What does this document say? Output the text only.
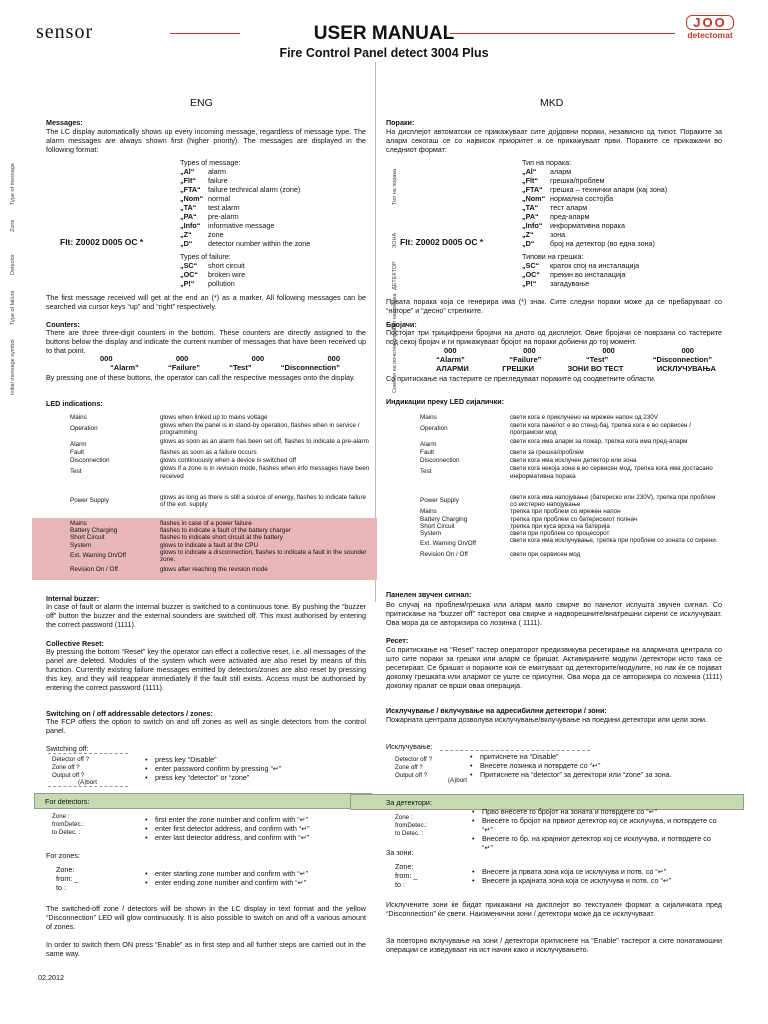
sensor	USER MANUAL
Fire Control Panel detect 3004 Plus
JOO
detectomat
Initial message symbol
Type of failure
Detector
Zone
Type of message
ENG
Messages:
The LC display automatically shows up every incoming message, regardless of message type. The alarm messages are always shown first (higher priority). The messages are displayed in the following format:
Types of message:
„Al“	alarm
„Flt“	failure
„FTA“	failure technical alarm (zone)
„Nom“ normal
„TA“	test alarm
„PA“	pre-alarm
„Info“	informative message
„Z“	zone
„D“	detector number within the zone
Flt: Z0002 D005 OC *
Types of failure:
„SC“	short circuit
„OC“	broken wire
„P!“	pollution
The first message received will get at the end an (*) as a marker. All following messages can be searched via cursor keys “up” and “right” respectively.
Counters:
There are three three-digit counters in the bottom. These counters are directly assigned to the buttons below the display and indicate the current number of messages that have been received up to that point.
000	000	000	000
“Alarm”	“Failure”	“Test”	“Disconnection”
By pressing one of these buttons, the operator can call the respective messages onto the display.
LED indications:
Mains	glows when linked up to mains voltage
Operation	glows when the panel is in stand-by operation, flashes when in service / programming
Alarm	glows as soon as an alarm has been set off, flashes to indicate a pre-alarm
Fault	flashes as soon as a failure occurs
Disconnection	glows continuously when a device is switched off
Test	glows if a zone is in revision mode, flashes when info messages have been received
Power Supply	glows as long as there is still a source of energy, flashes to indicate failure of the ext. supply
Mains	flashes in case of a power failure
Battery Charging	flashes to indicate a fault of the battery charger
Short Circuit	flashes to indicate short circuit at the battery
System	glows to indicate a fault at the CPU
Ext. Warning On/Off	glows to indicate a disconnection, flashes to indicate a fault in the sounder zone.
Revision On / Off	glows after reaching the revision mode
Internal buzzer:
In case of fault or alarm the internal buzzer is switched to a continuous tone. By pushing the “buzzer off” button the buzzer and the external sounders are switched off. This must authorised by entering the correct password (1111).
Collective Reset:
By pressing the bottom “Reset” key the operator can effect a collective reset, i.e. all messages of the panel are deleted. Modules of the system which were activated are also reset by means of this function. Currently existing failure messages emitted by detectors/zones are also reset by pressing this key, and they will reappear immediately if the fault still exists. Access must be authorised by entering the correct password (1111).
Switching on / off addressable detectors / zones:
The FCP offers the option to switch on and off zones as well as single detectors from the control panel.
Switching off:
Detector off ?
Zone off ?
Output off ?
(A)bort
• press key “Disable”
• enter password confirm by pressing “↵”
• press key “detector” or “zone”
For detectors:
Zone :
fromDetec.:
to Detec. :
• first enter the zone number and confirm with “↵”
• enter first detector address, and confirm with “↵”
• enter last detector address, and confirm with “↵”
For zones:
Zone:
from: _
to :
• enter starting zone number and confirm with “↵”
• enter ending zone number and confirm with “↵”
The switched-off zone / detectors will be shown in the LC display in text format and the yellow “Disconnection” LED will glow continuously. It is also possible to switch on and off a various amount of zones.
In order to switch them ON press “Enable” as in first step and all further steps are carried out in the same way.
02.2012
MKD
Тип на порака
ЗОНА
ДЕТЕКТОР
Тип на грешка
Симбол на почетна порака
Пораки:
На дисплејот автоматски се прикажуваат сите дојдовни пораки, независно од типот. Пораките за аларм секогаш се со највисок приоритет и се прикажуваат први. Пораките се прикажани во следниот формат:
Тип на порака:
„Al“	аларм
„Flt“	грешка/проблем
„FTA“	грешка – технички аларм (кај зона)
„Nom“ нормална состојба
„TA“	тест аларм
„PA“	пред-аларм
„Info“	информативна порака
„Z“	зона
„D“	број на детектор (во една зона)
Flt: Z0002 D005 OC *
Типови на грешка:
„SC“	краток спој на инсталација
„OC“	прекин во инсталација
„P!“	загадување
Првата порака која се генерира има (*) знак. Сите следни пораки може да се пребаруваат со “нагоре” и “десно” стрелките.
Бројачи:
Постојат три трицифрени бројачи на дното од дисплејот. Овие бројачи се поврзани со тастерите под секој бројач и ги прикажуваат бројот на пораки добиени до тој момент.
000	000	000	000
“Alarm”	“Failure”	“Test”	“Disconnection”
АЛАРМИ	ГРЕШКИ	ЗОНИ ВО ТЕСТ	ИСКЛУЧУВАЊА
Со притискање на тастерите се прегледуваат пораките од соодветните области.
Индикации преку LED сијалички:
Mains	свети кога е приклучено на мрежен напон од 230V
Operation	свети кога панелот е во стенд-бај, трепка кога е во сервисен / програмски мод
Alarm	свети кога има аларм за пожар, трепка кога има пред-аларм
Fault	свети за грешка/проблем
Disconnection	свети кога има исклучен детектор или зона
Test	свети кога некоја зона е во сервисен мод, трепка кога има достасано информативна порака
Power Supply	свети кога има напојување (батериско или 230V), трепка при проблем со екстерно напојување
Mains	трепка при проблем со мрежен напон
Battery Charging	трепка при проблем со батерискиот полнач
Short Circuit	трепка при куса врска на батерија
System	свети при проблем со процесорот
Ext. Warning On/Off	свети кога има исклучување, трепка при проблем со зоната со сирени.
Revision On / Off	свети при сервисен мод
Панелен звучен сигнал:
Во случај на проблем/грешка или аларм мало свирче во панелот испушта звучен сигнал. Со притискање на “buzzer off” тастерот ова свирче и надворешните/внатрешни сирени се исклучуваат. Ова мора да се авторизира со лозинка ( 1111).
Ресет:
Со притискање на “Reset” тастер операторот предизвикува ресетирање на алармната централа со што сите пораки за грешки или аларм се бришат. Активираните модули /детектори исто така се ресетираат. Се бришат и пораките кои се емитуваат од детекторите/модулите, но пак ќе се појават доколку грешката или алармот се уште се присутни. Ова мора да се авторизира со лозинка (1111) доколку пралат се врши оваа операција.
Исклучување / вклучување на адресибилни детектори / зони:
Пожарната централа дозволува исклучување/вклучување на поедини детектори или цели зони.
Исклучување:
Detector off ?
Zone off ?
Output off ?
(A)bort
• притиснете на “Disable”
• Внесете лозинка и потврдете со “↵”
• Притиснете на “detector” за детектори или “zone” за зона.
За детектори:
Zone :
fromDetec.:
to Detec. :
• Прво внесете го бројот на зоната и потврдете со “↵”
• Внесете го бројот на првиот детектор кој се исклучува, и потврдете со “↵”
• Внесете го бр. на крајниот детектор кој се исклучува, и потврдете со “↵”
За зони:
Zone:
from: _
to :
• Внесете ја првата зона која се исклучува и потв. со “↵”
• Внесете ја крајната зона која се исклучува и потв. со “↵”
Исклучените зони ќе бидат прикажани на дисплејот во текстуален формат а сијаличката пред “Disconnection” ќе свети. Наизменични зони / детектори може да се исклучуваат.
За повторно вклучување на зони / детектори притиснете на “Enable” тастерот а сите понатамошни операции се изведуваат на ист начин како и исклучувањето.
